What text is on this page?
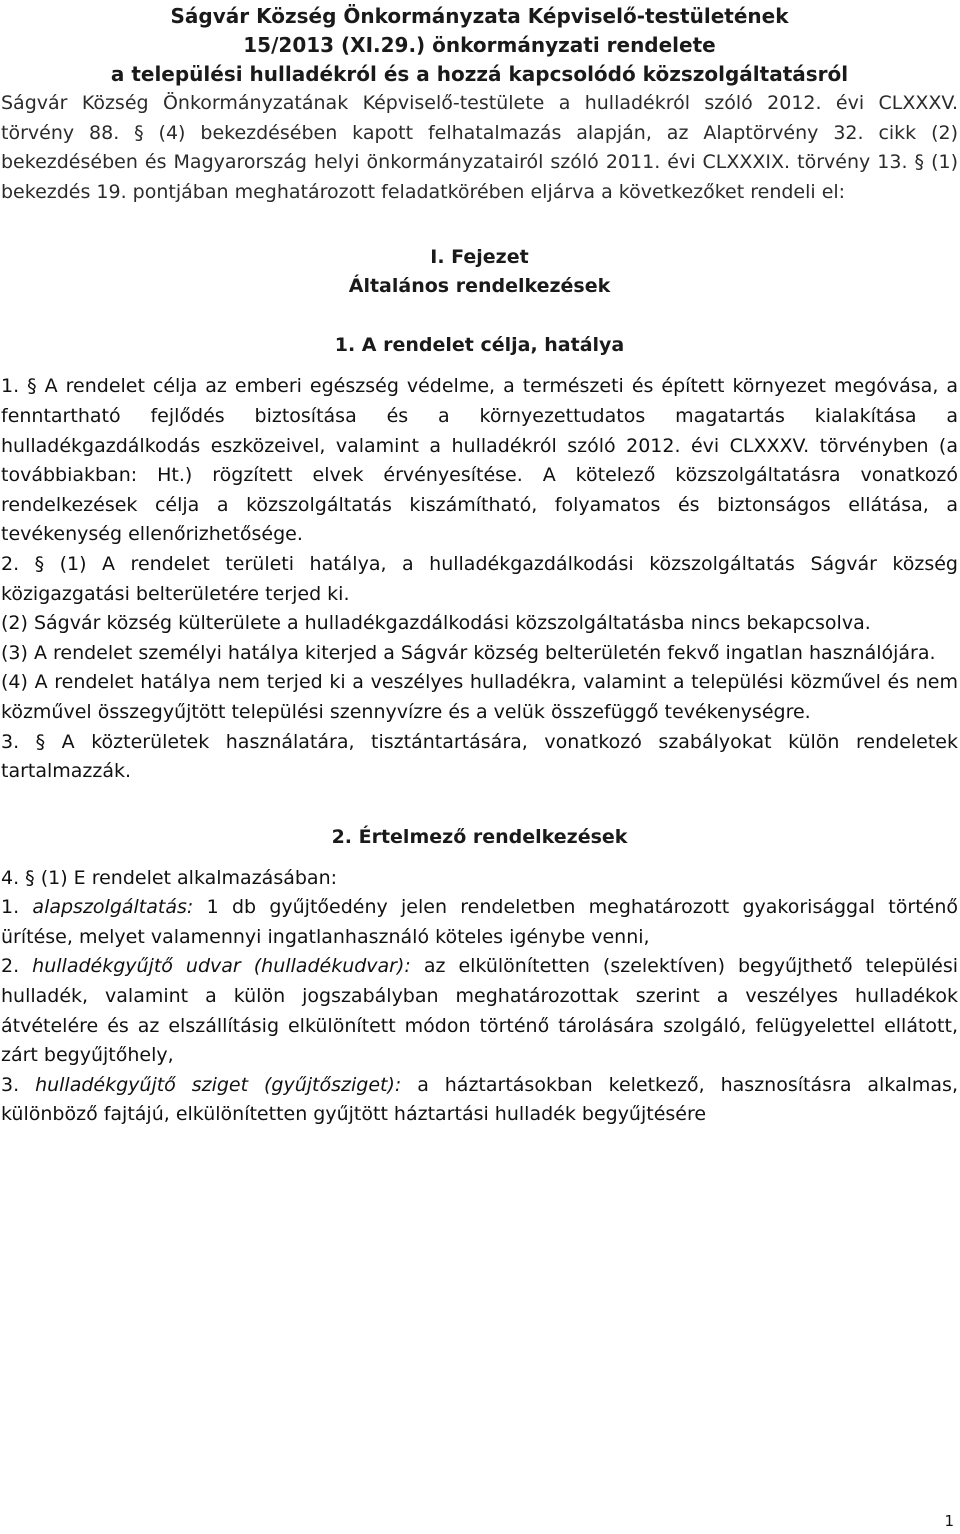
Ságvár Község Önkormányzata Képviselő-testületének
15/2013 (XI.29.) önkormányzati rendelete
a települési hulladékról és a hozzá kapcsolódó közszolgáltatásról

Ságvár Község Önkormányzatának Képviselő-testülete a hulladékról szóló 2012. évi CLXXXV. törvény 88. § (4) bekezdésében kapott felhatalmazás alapján, az Alaptörvény 32. cikk (2) bekezdésében és Magyarország helyi önkormányzatairól szóló 2011. évi CLXXXIX. törvény 13. § (1) bekezdés 19. pontjában meghatározott feladatkörében eljárva a következőket rendeli el:

I. Fejezet
Általános rendelkezések
1. A rendelet célja, hatálya

1. § A rendelet célja az emberi egészség védelme, a természeti és épített környezet megóvása, a fenntartható fejlődés biztosítása és a környezettudatos magatartás kialakítása a hulladékgazdálkodás eszközeivel, valamint a hulladékról szóló 2012. évi CLXXXV. törvényben (a továbbiakban: Ht.) rögzített elvek érvényesítése. A kötelező közszolgáltatásra vonatkozó rendelkezések célja a közszolgáltatás kiszámítható, folyamatos és biztonságos ellátása, a tevékenység ellenőrizhetősége.

2. § (1) A rendelet területi hatálya, a hulladékgazdálkodási közszolgáltatás Ságvár község közigazgatási belterületére terjed ki.

(2) Ságvár község külterülete a hulladékgazdálkodási közszolgáltatásba nincs bekapcsolva.

(3) A rendelet személyi hatálya kiterjed a Ságvár község belterületén fekvő ingatlan használójára.

(4) A rendelet hatálya nem terjed ki a veszélyes hulladékra, valamint a települési közművel és nem közművel összegyűjtött települési szennyvízre és a velük összefüggő tevékenységre.

3. § A közterületek használatára, tisztántartására, vonatkozó szabályokat külön rendeletek tartalmazzák.

2. Értelmező rendelkezések

4. § (1) E rendelet alkalmazásában:

1. alapszolgáltatás: 1 db gyűjtőedény jelen rendeletben meghatározott gyakorisággal történő ürítése, melyet valamennyi ingatlanhasználó köteles igénybe venni,

2. hulladékgyűjtő udvar (hulladékudvar): az elkülönítetten (szelektíven) begyűjthető települési hulladék, valamint a külön jogszabályban meghatározottak szerint a veszélyes hulladékok átvételére és az elszállításig elkülönített módon történő tárolására szolgáló, felügyelettel ellátott, zárt begyűjtőhely,

3. hulladékgyűjtő sziget (gyűjtősziget): a háztartásokban keletkező, hasznosításra alkalmas, különböző fajtájú, elkülönítetten gyűjtött háztartási hulladék begyűjtésére

1
